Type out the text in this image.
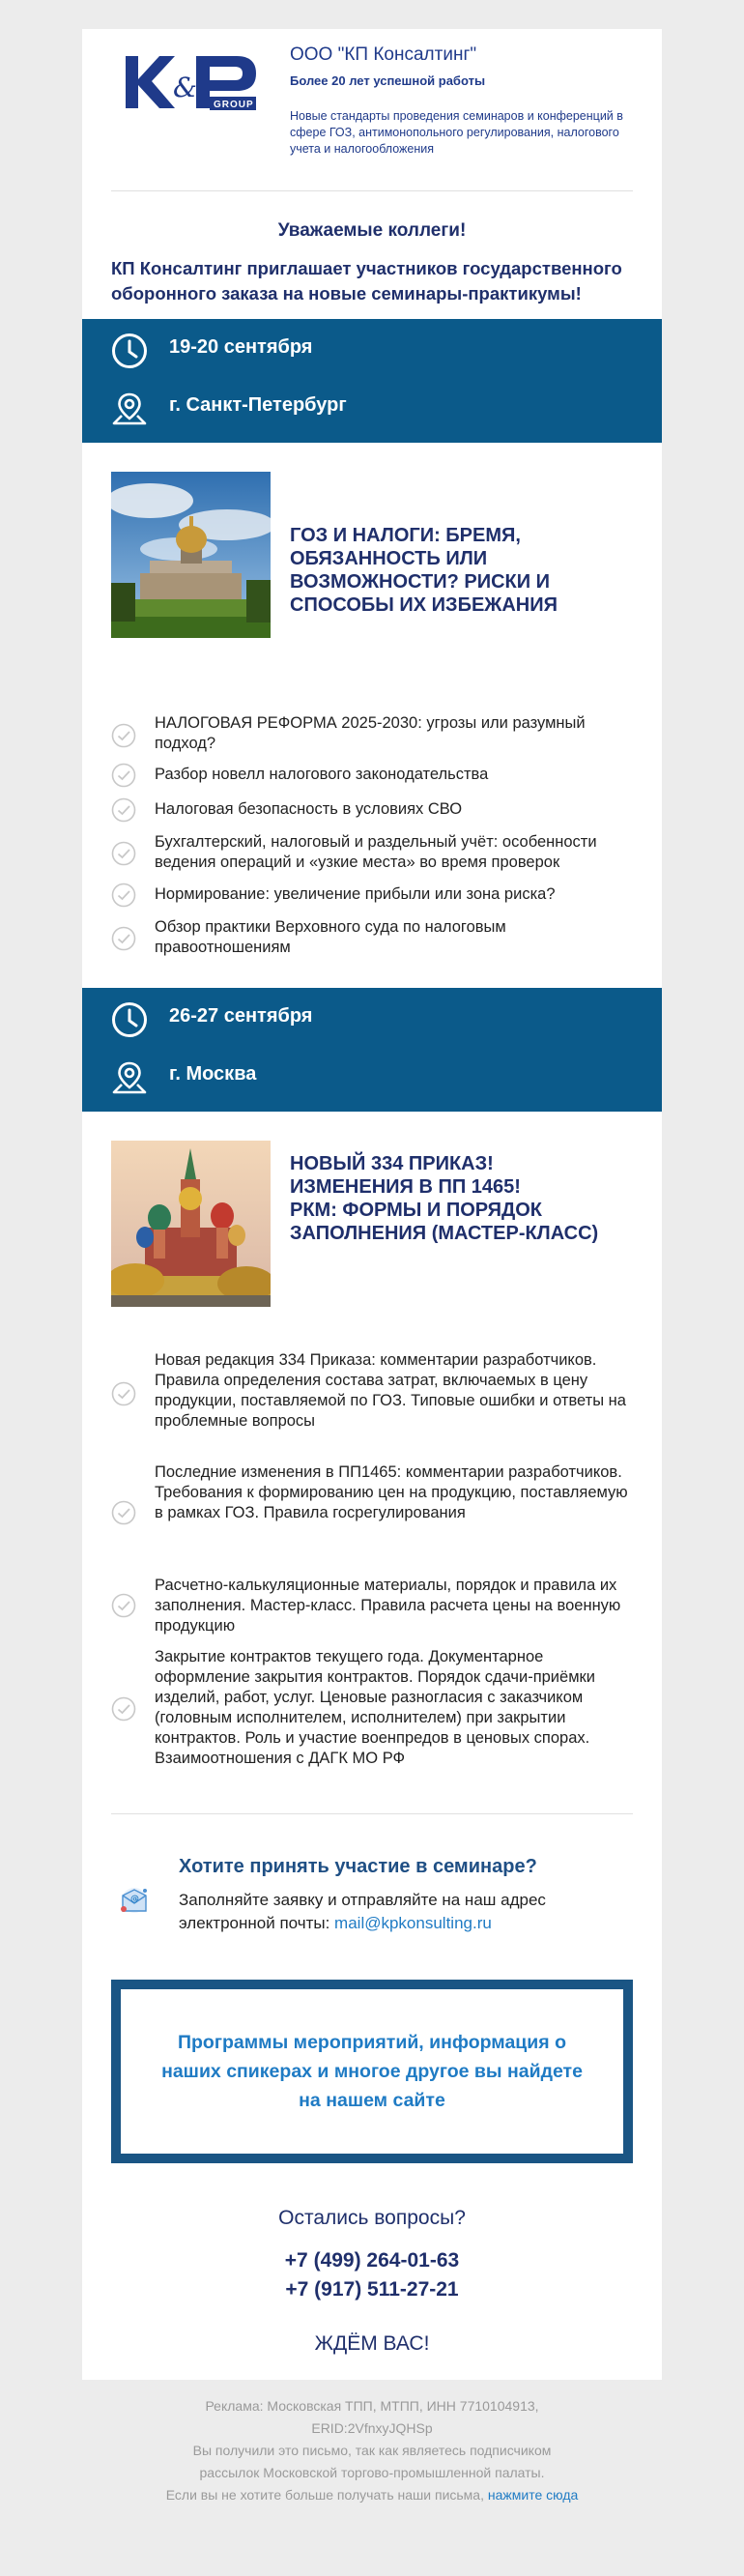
&
GROUP
ООО "КП Консалтинг"
Более 20 лет успешной работы
Новые стандарты проведения семинаров и конференций в сфере ГОЗ, антимонопольного регулирования, налогового учета и налогообложения
Уважаемые коллеги!
КП Консалтинг приглашает участников государственного оборонного заказа на новые семинары-практикумы!
19-20 сентября
г. Санкт-Петербург
ГОЗ И НАЛОГИ: БРЕМЯ, ОБЯЗАННОСТЬ ИЛИ ВОЗМОЖНОСТИ? РИСКИ И СПОСОБЫ ИХ ИЗБЕЖАНИЯ
НАЛОГОВАЯ РЕФОРМА 2025-2030: угрозы или разумный подход?
Разбор новелл налогового законодательства
Налоговая безопасность в условиях СВО
Бухгалтерский, налоговый и раздельный учёт: особенности ведения операций и «узкие места» во время проверок
Нормирование: увеличение прибыли или зона риска?
Обзор практики Верховного суда по налоговым правоотношениям
26-27 сентября
г. Москва
НОВЫЙ 334 ПРИКАЗ!
ИЗМЕНЕНИЯ В ПП 1465!
РКМ: ФОРМЫ И ПОРЯДОК ЗАПОЛНЕНИЯ (МАСТЕР-КЛАСС)
Новая редакция 334 Приказа: комментарии разработчиков. Правила определения состава затрат, включаемых в цену продукции, поставляемой по ГОЗ. Типовые ошибки и ответы на проблемные вопросы
Последние изменения в ПП1465: комментарии разработчиков. Требования к формированию цен на продукцию, поставляемую в рамках ГОЗ. Правила госрегулирования
Расчетно-калькуляционные материалы, порядок и правила их заполнения. Мастер-класс. Правила расчета цены на военную продукцию
Закрытие контрактов текущего года. Документарное оформление закрытия контрактов. Порядок сдачи-приёмки изделий, работ, услуг. Ценовые разногласия с заказчиком (головным исполнителем, исполнителем) при закрытии контрактов. Роль и участие военпредов в ценовых спорах. Взаимоотношения с ДАГК МО РФ
@
Хотите принять участие в семинаре?
Заполняйте заявку и отправляйте на наш адрес электронной почты: mail@kpkonsulting.ru
Программы мероприятий, информация о наших спикерах и многое другое вы найдете на нашем сайте
Остались вопросы?
+7 (499) 264-01-63
+7 (917) 511-27-21
ЖДЁМ ВАС!
Реклама: Московская ТПП, МТПП, ИНН 7710104913,
ERID:2VfnxyJQHSp
Вы получили это письмо, так как являетесь подписчиком
рассылок Московской торгово-промышленной палаты.
Если вы не хотите больше получать наши письма, нажмите сюда
